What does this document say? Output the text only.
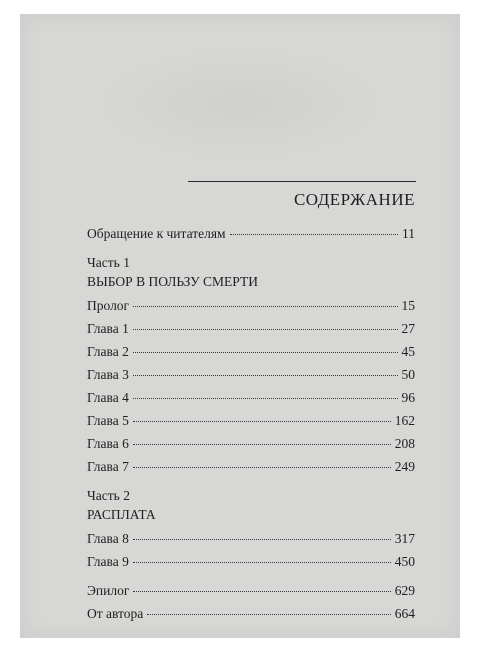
СОДЕРЖАНИЕ
Обращение к читателям	11
Часть 1
ВЫБОР В ПОЛЬЗУ СМЕРТИ
Пролог	15
Глава 1	27
Глава 2	45
Глава 3	50
Глава 4	96
Глава 5	162
Глава 6	208
Глава 7	249
Часть 2
РАСПЛАТА
Глава 8	317
Глава 9	450
Эпилог	629
От автора	664
